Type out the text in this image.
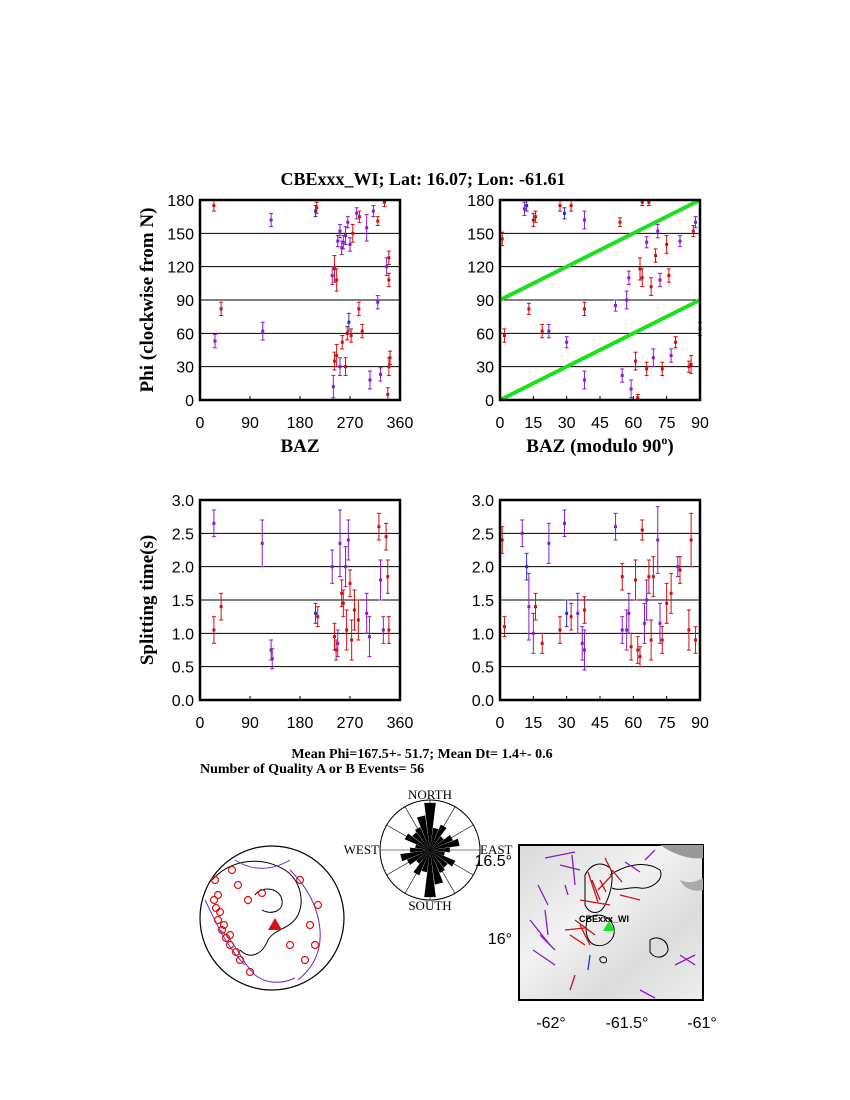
CBExxx_WI; Lat: 16.07; Lon: -61.61
0
30
60
90
120
150
180
0 90 180 270 360
0
30
60
90
120
150
180
0 15 30 45 60 75 90
0.0
0.5
1.0
1.5
2.0
2.5
3.0
0 90 180 270 360
0.0
0.5
1.0
1.5
2.0
2.5
3.0
0 15 30 45 60 75 90
Phi (clockwise from N)
BAZ	BAZ (modulo 90$^o$)
Splitting time(s)
Mean Phi=167.5+- 51.7; Mean Dt= 1.4+- 0.6
Number of Quality A or B Events= 56
NORTH
SOUTH
EAST
WEST
CBExxx_WI
16.5°
16°
-62° -61.5° -61°
